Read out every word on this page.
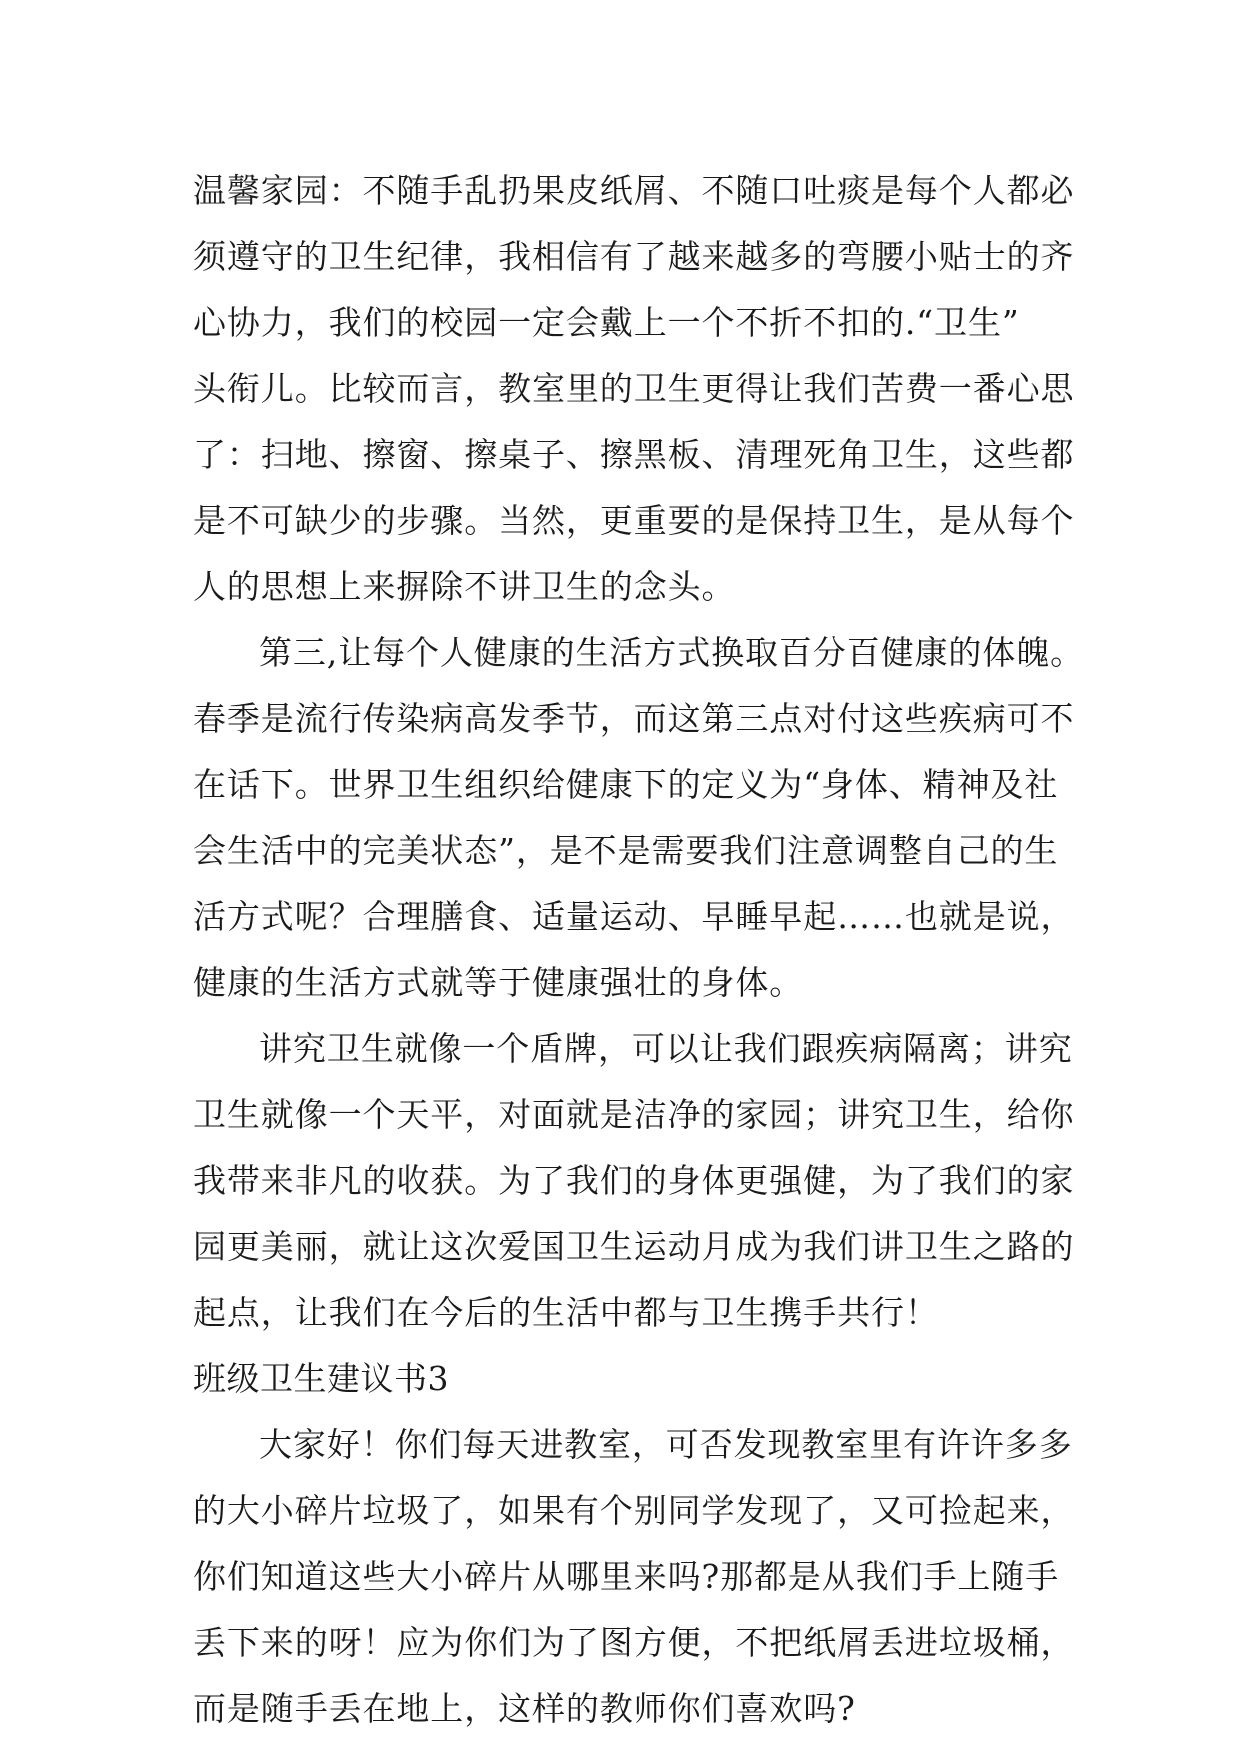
温馨家园：不随手乱扔果皮纸屑、不随口吐痰是每个人都必
须遵守的卫生纪律，我相信有了越来越多的弯腰小贴士的齐
心协力，我们的校园一定会戴上一个不折不扣的.“卫生”
头衔儿。比较而言，教室里的卫生更得让我们苦费一番心思
了：扫地、擦窗、擦桌子、擦黑板、清理死角卫生，这些都
是不可缺少的步骤。当然，更重要的是保持卫生，是从每个
人的思想上来摒除不讲卫生的念头。
第三,让每个人健康的生活方式换取百分百健康的体魄。
春季是流行传染病高发季节，而这第三点对付这些疾病可不
在话下。世界卫生组织给健康下的定义为“身体、精神及社
会生活中的完美状态”，是不是需要我们注意调整自己的生
活方式呢？合理膳食、适量运动、早睡早起……也就是说，
健康的生活方式就等于健康强壮的身体。
讲究卫生就像一个盾牌，可以让我们跟疾病隔离；讲究
卫生就像一个天平，对面就是洁净的家园；讲究卫生，给你
我带来非凡的收获。为了我们的身体更强健，为了我们的家
园更美丽，就让这次爱国卫生运动月成为我们讲卫生之路的
起点，让我们在今后的生活中都与卫生携手共行！
班级卫生建议书3
大家好！你们每天进教室，可否发现教室里有许许多多
的大小碎片垃圾了，如果有个别同学发现了，又可捡起来，
你们知道这些大小碎片从哪里来吗?那都是从我们手上随手
丢下来的呀！应为你们为了图方便，不把纸屑丢进垃圾桶，
而是随手丢在地上，这样的教师你们喜欢吗?
